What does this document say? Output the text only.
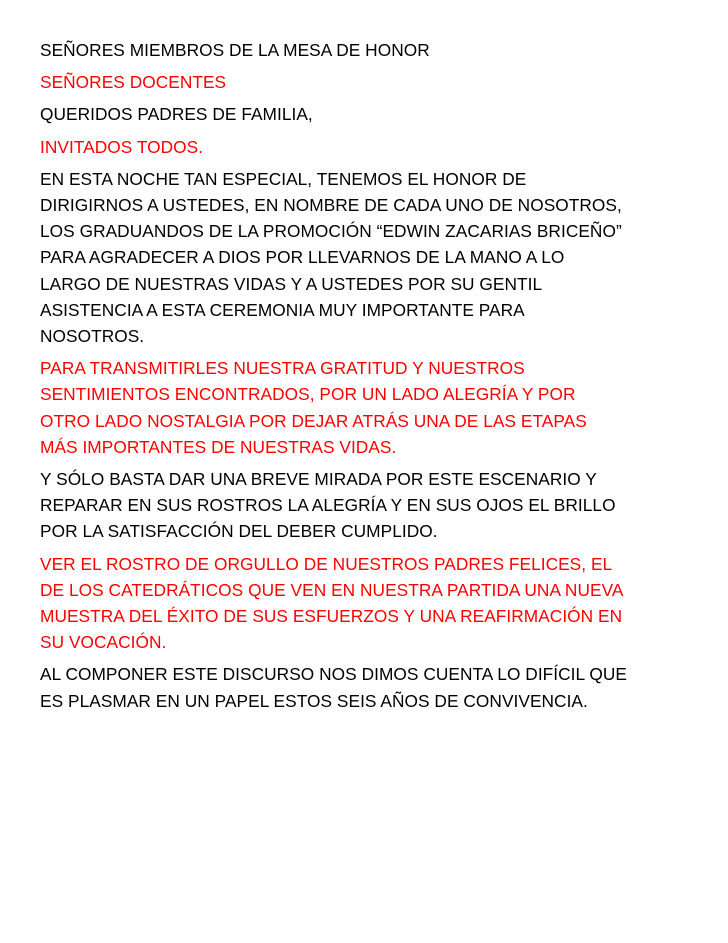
SEÑORES MIEMBROS DE LA MESA DE HONOR

SEÑORES DOCENTES

QUERIDOS PADRES DE FAMILIA,

INVITADOS TODOS.

EN ESTA NOCHE TAN ESPECIAL, TENEMOS EL HONOR DE
DIRIGIRNOS A USTEDES, EN NOMBRE DE CADA UNO DE NOSOTROS,
LOS GRADUANDOS DE LA PROMOCIÓN “EDWIN ZACARIAS BRICEÑO”
PARA AGRADECER A DIOS POR LLEVARNOS DE LA MANO A LO
LARGO DE NUESTRAS VIDAS Y A USTEDES POR SU GENTIL
ASISTENCIA A ESTA CEREMONIA MUY IMPORTANTE PARA
NOSOTROS.

PARA TRANSMITIRLES NUESTRA GRATITUD Y NUESTROS
SENTIMIENTOS ENCONTRADOS, POR UN LADO ALEGRÍA Y POR
OTRO LADO NOSTALGIA POR DEJAR ATRÁS UNA DE LAS ETAPAS
MÁS IMPORTANTES DE NUESTRAS VIDAS.

Y SÓLO BASTA DAR UNA BREVE MIRADA POR ESTE ESCENARIO Y
REPARAR EN SUS ROSTROS LA ALEGRÍA Y EN SUS OJOS EL BRILLO
POR LA SATISFACCIÓN DEL DEBER CUMPLIDO.

VER EL ROSTRO DE ORGULLO DE NUESTROS PADRES FELICES, EL
DE LOS CATEDRÁTICOS QUE VEN EN NUESTRA PARTIDA UNA NUEVA
MUESTRA DEL ÉXITO DE SUS ESFUERZOS Y UNA REAFIRMACIÓN EN
SU VOCACIÓN.

AL COMPONER ESTE DISCURSO NOS DIMOS CUENTA LO DIFÍCIL QUE
ES PLASMAR EN UN PAPEL ESTOS SEIS AÑOS DE CONVIVENCIA.
